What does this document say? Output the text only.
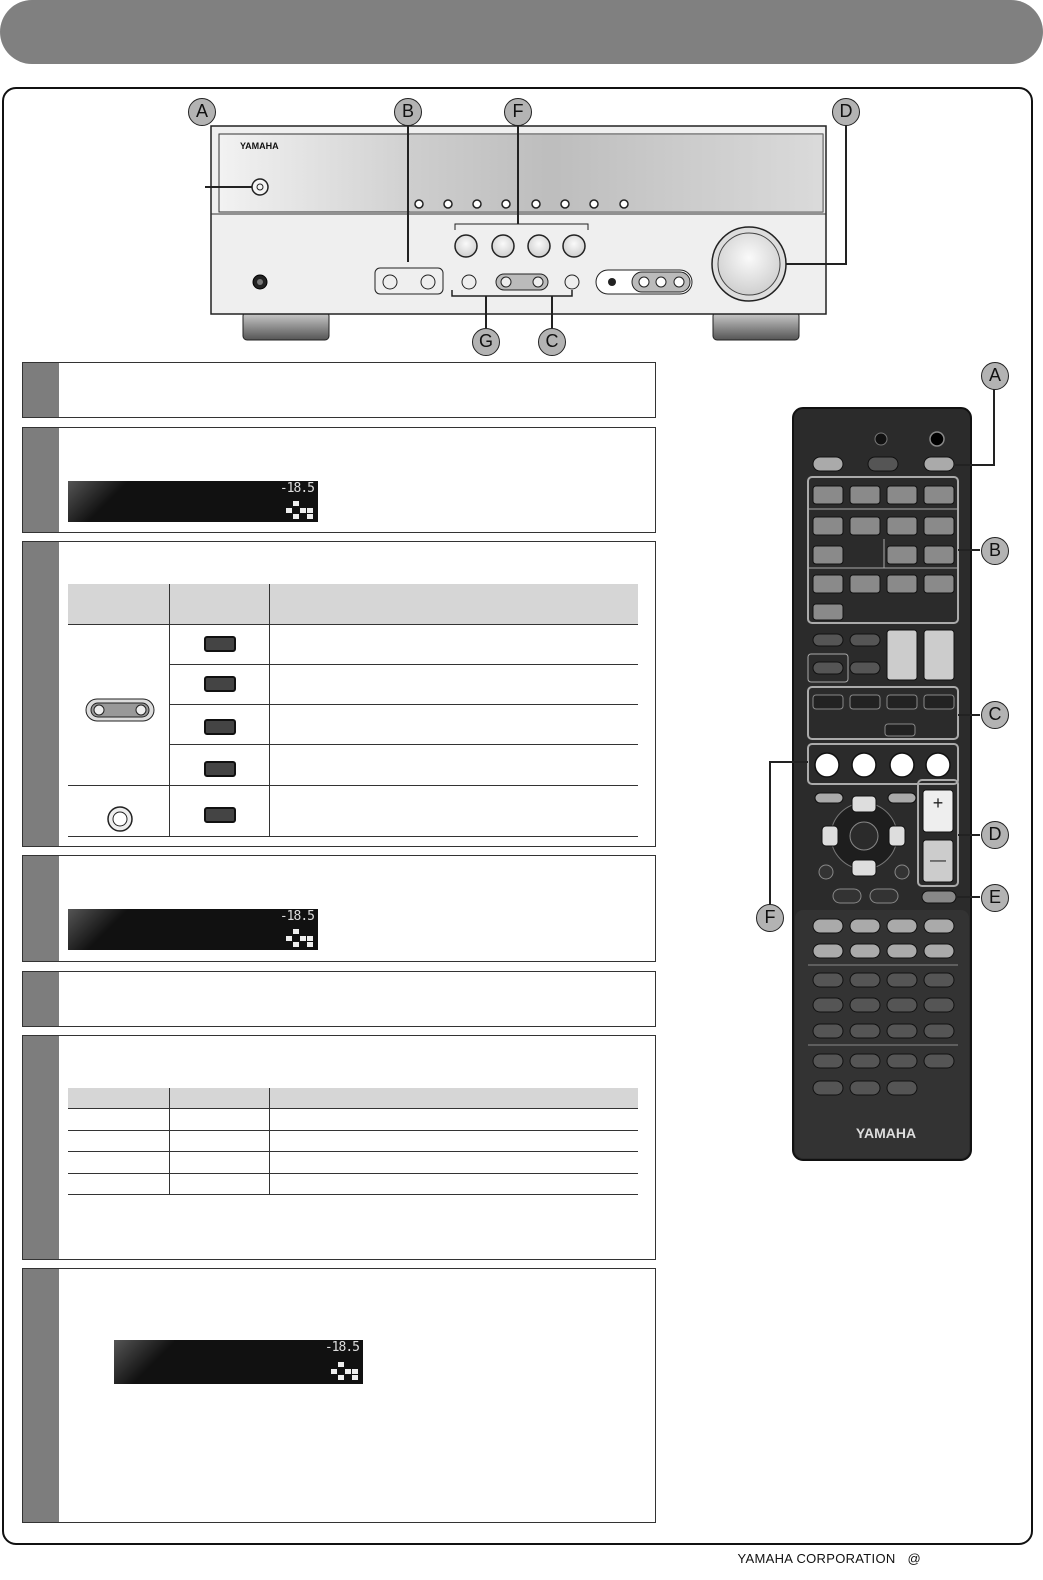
YAMAHA
A	B	F	D
G	C
-18.5
-18.5
-18.5
+
—
YAMAHA
A
B
C
D
E
F
YAMAHA CORPORATION @
